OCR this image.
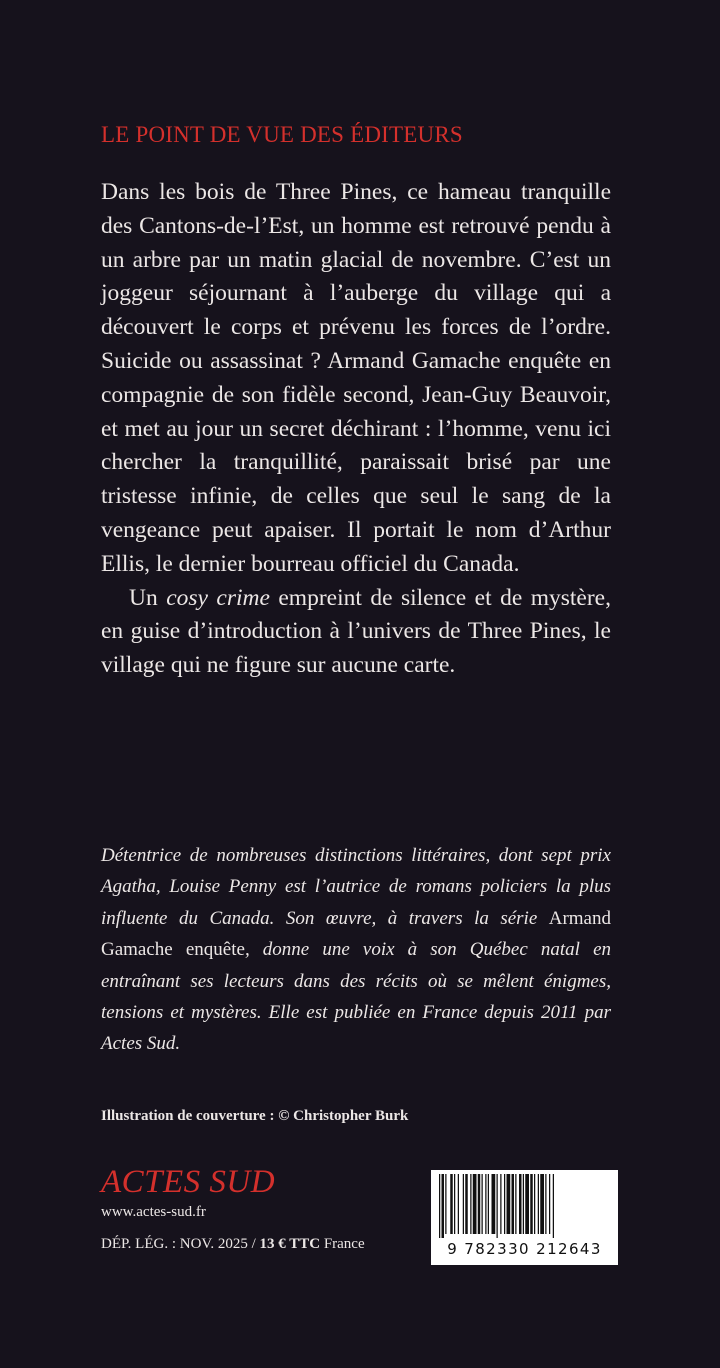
LE POINT DE VUE DES ÉDITEURS

Dans les bois de Three Pines, ce hameau tranquille des Cantons-de-l’Est, un homme est retrouvé pendu à un arbre par un matin glacial de novembre. C’est un joggeur séjournant à l’auberge du village qui a découvert le corps et prévenu les forces de l’ordre. Suicide ou assassinat ? Armand Gamache enquête en compagnie de son fidèle second, Jean-Guy Beauvoir, et met au jour un secret déchirant : l’homme, venu ici chercher la tranquillité, paraissait brisé par une tristesse infinie, de celles que seul le sang de la vengeance peut apaiser. Il portait le nom d’Arthur Ellis, le dernier bourreau officiel du Canada.

Un cosy crime empreint de silence et de mystère, en guise d’introduction à l’univers de Three Pines, le village qui ne figure sur aucune carte.

Détentrice de nombreuses distinctions littéraires, dont sept prix Agatha, Louise Penny est l’autrice de romans policiers la plus influente du Canada. Son œuvre, à travers la série Armand Gamache enquête, donne une voix à son Québec natal en entraînant ses lecteurs dans des récits où se mêlent énigmes, tensions et mystères. Elle est publiée en France depuis 2011 par Actes Sud.
Illustration de couverture : © Christopher Burk
ACTES SUD
www.actes-sud.fr
DÉP. LÉG. : NOV. 2025 / 13 € TTC France	9 782330 212643
